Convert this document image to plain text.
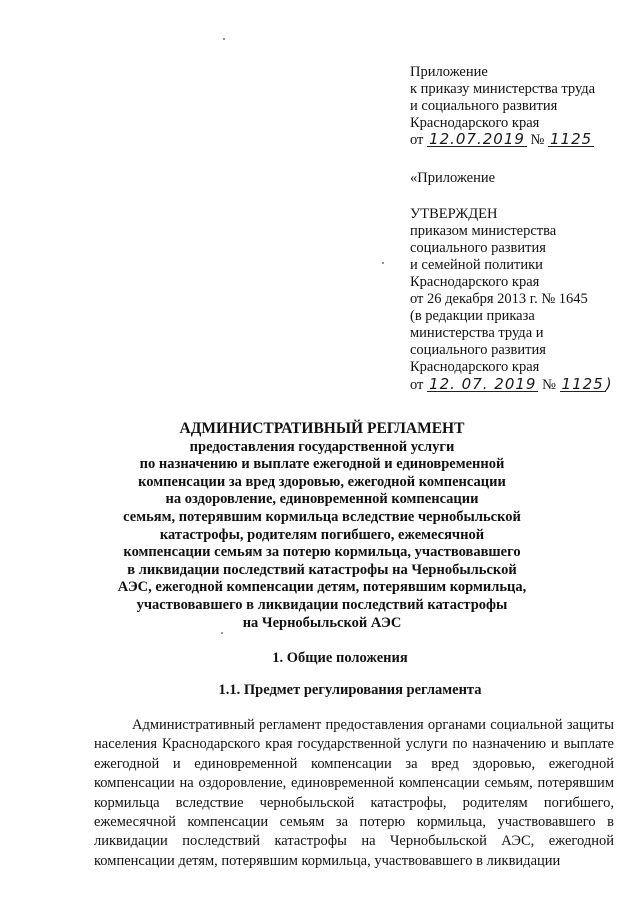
Приложение
к приказу министерства труда
и социального развития
Краснодарского края
от 12.07.2019 № 1125
«Приложение
УТВЕРЖДЕН
приказом министерства
социального развития
и семейной политики
Краснодарского края
от 26 декабря 2013 г. № 1645
(в редакции приказа
министерства труда и
социального развития
Краснодарского края
от 12. 07. 2019 № 1125 )
АДМИНИСТРАТИВНЫЙ РЕГЛАМЕНТ
предоставления государственной услуги
по назначению и выплате ежегодной и единовременной
компенсации за вред здоровью, ежегодной компенсации
на оздоровление, единовременной компенсации
семьям, потерявшим кормильца вследствие чернобыльской
катастрофы, родителям погибшего, ежемесячной
компенсации семьям за потерю кормильца, участвовавшего
в ликвидации последствий катастрофы на Чернобыльской
АЭС, ежегодной компенсации детям, потерявшим кормильца,
участвовавшего в ликвидации последствий катастрофы
на Чернобыльской АЭС
1. Общие положения
1.1. Предмет регулирования регламента

Административный регламент предоставления органами социальной защиты населения Краснодарского края государственной услуги по назначению и выплате ежегодной и единовременной компенсации за вред здоровью, ежегодной компенсации на оздоровление, единовременной компенсации семьям, потерявшим кормильца вследствие чернобыльской катастрофы, родителям погибшего, ежемесячной компенсации семьям за потерю кормильца, участвовавшего в ликвидации последствий катастрофы на Чернобыльской АЭС, ежегодной компенсации детям, потерявшим кормильца, участвовавшего в ликвидации
